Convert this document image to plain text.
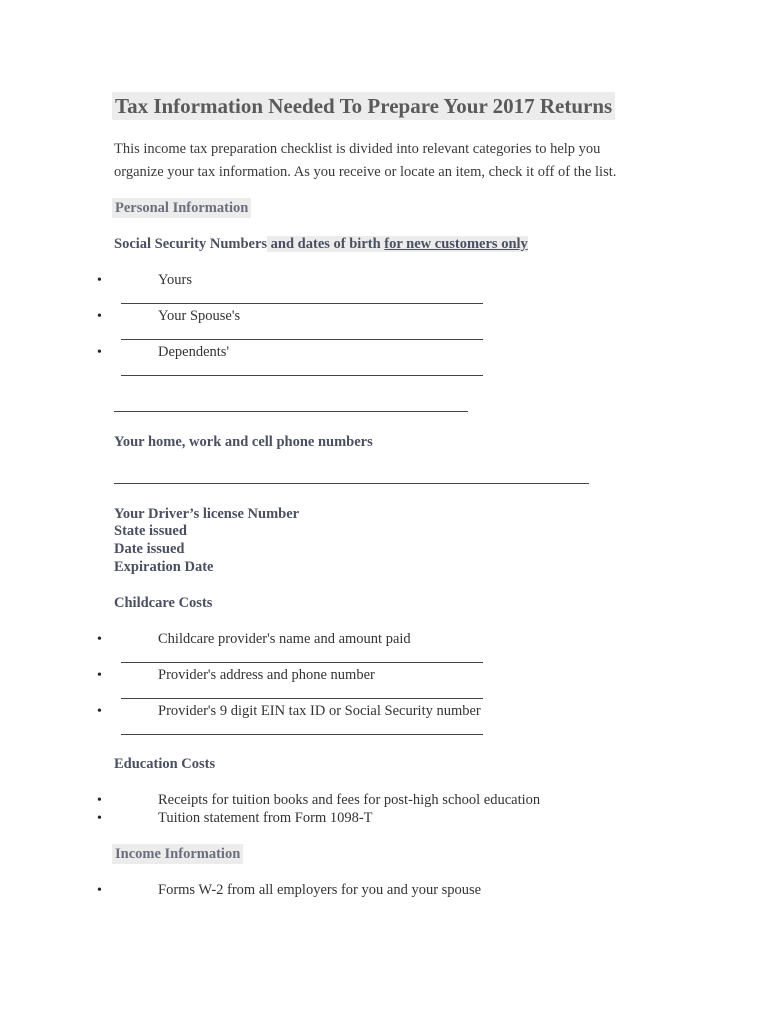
Tax Information Needed To Prepare Your 2017 Returns
This income tax preparation checklist is divided into relevant categories to help you
organize your tax information. As you receive or locate an item, check it off of the list.
Personal Information
Social Security Numbers and dates of birth for new customers only
•	Yours
•	Your Spouse's
•	Dependents'
Your home, work and cell phone numbers
Your Driver’s license Number
State issued
Date issued
Expiration Date
Childcare Costs
•	Childcare provider's name and amount paid
•	Provider's address and phone number
•	Provider's 9 digit EIN tax ID or Social Security number
Education Costs
•	Receipts for tuition books and fees for post-high school education
•	Tuition statement from Form 1098-T
Income Information
•	Forms W-2 from all employers for you and your spouse
